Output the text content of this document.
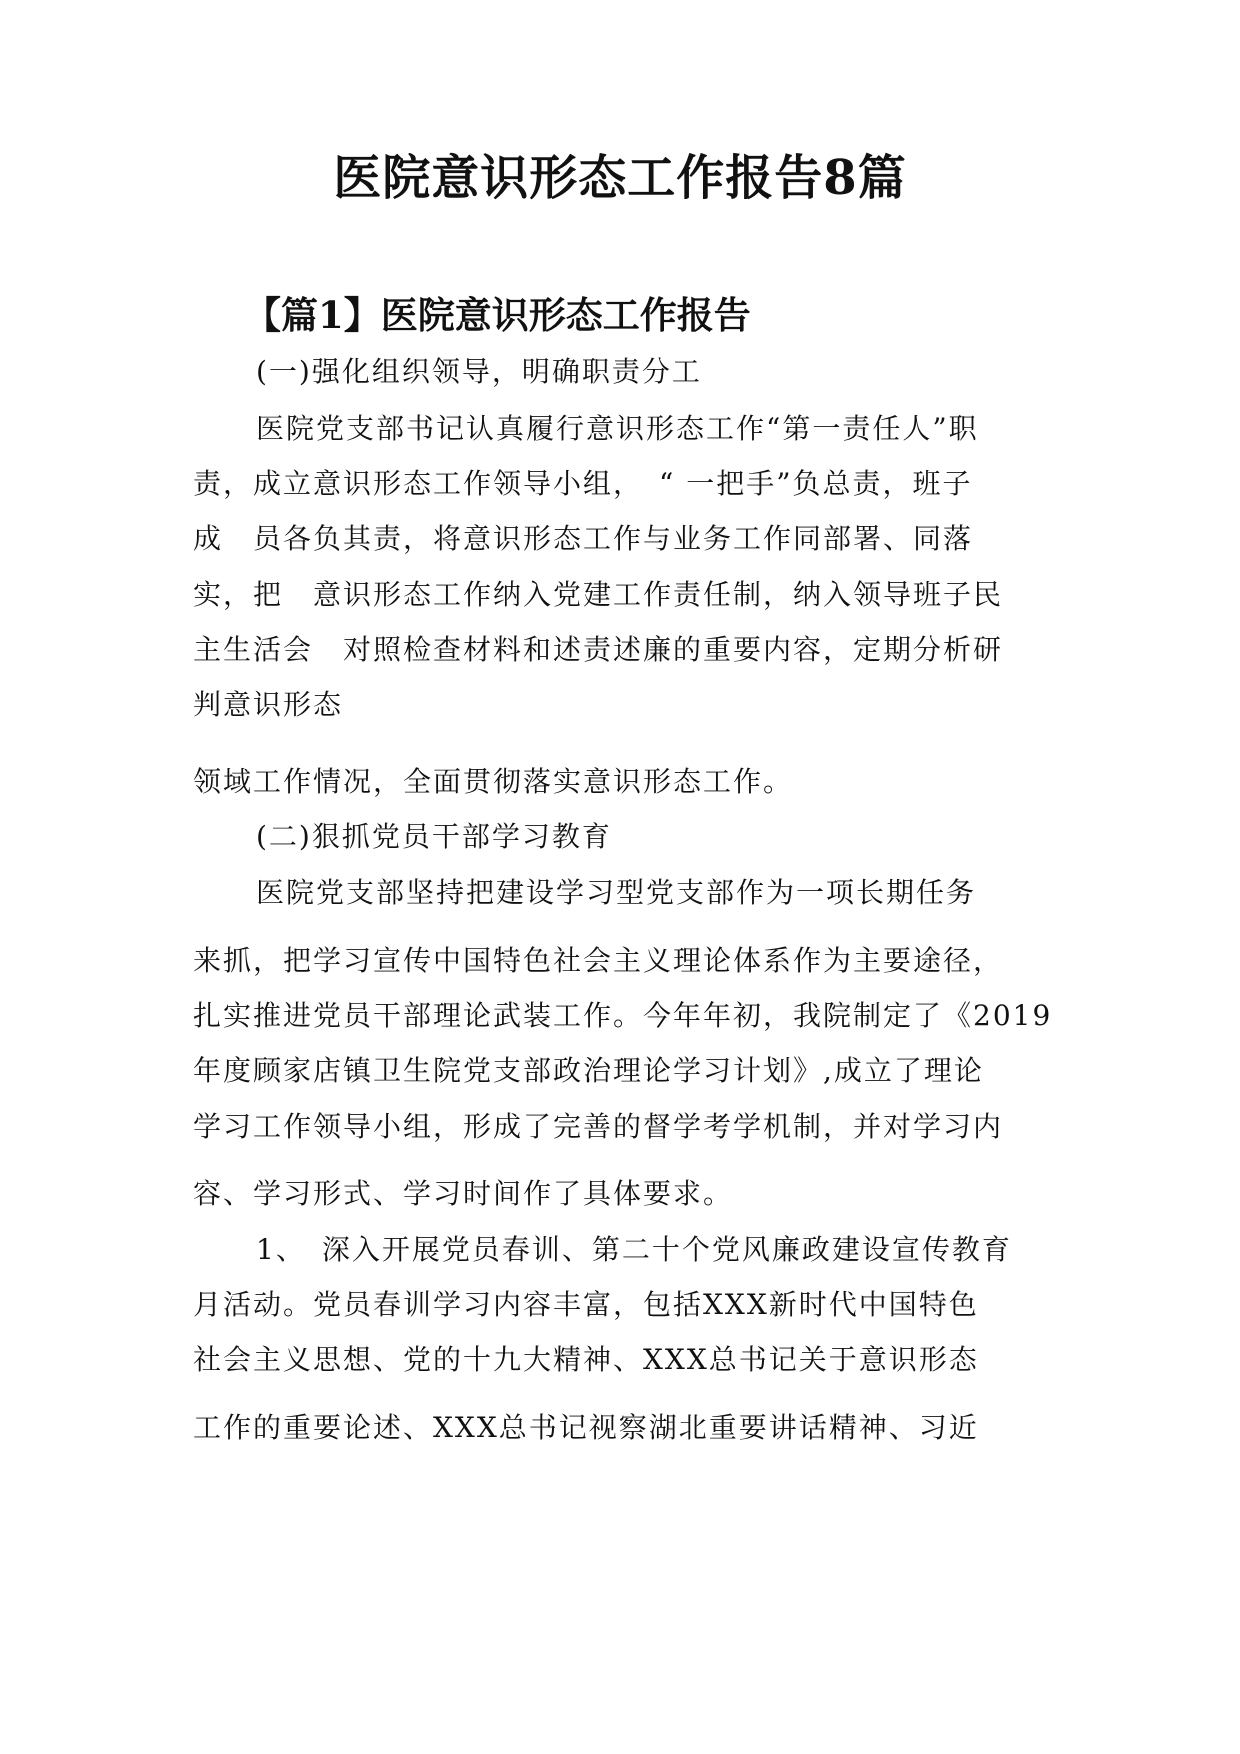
医院意识形态工作报告8篇
【篇1】医院意识形态工作报告

(一)强化组织领导，明确职责分工

医院党支部书记认真履行意识形态工作“第一责任人”职

责，成立意识形态工作领导小组，　“ 一把手”负总责，班子

成　员各负其责，将意识形态工作与业务工作同部署、同落

实，把　意识形态工作纳入党建工作责任制，纳入领导班子民

主生活会　对照检查材料和述责述廉的重要内容，定期分析研

判意识形态

领域工作情况，全面贯彻落实意识形态工作。

(二)狠抓党员干部学习教育

医院党支部坚持把建设学习型党支部作为一项长期任务

来抓，把学习宣传中国特色社会主义理论体系作为主要途径，

扎实推进党员干部理论武装工作。今年年初，我院制定了《2019

年度顾家店镇卫生院党支部政治理论学习计划》,成立了理论

学习工作领导小组，形成了完善的督学考学机制，并对学习内

容、学习形式、学习时间作了具体要求。

1、　深入开展党员春训、第二十个党风廉政建设宣传教育

月活动。党员春训学习内容丰富，包括XXX新时代中国特色

社会主义思想、党的十九大精神、XXX总书记关于意识形态

工作的重要论述、XXX总书记视察湖北重要讲话精神、习近
